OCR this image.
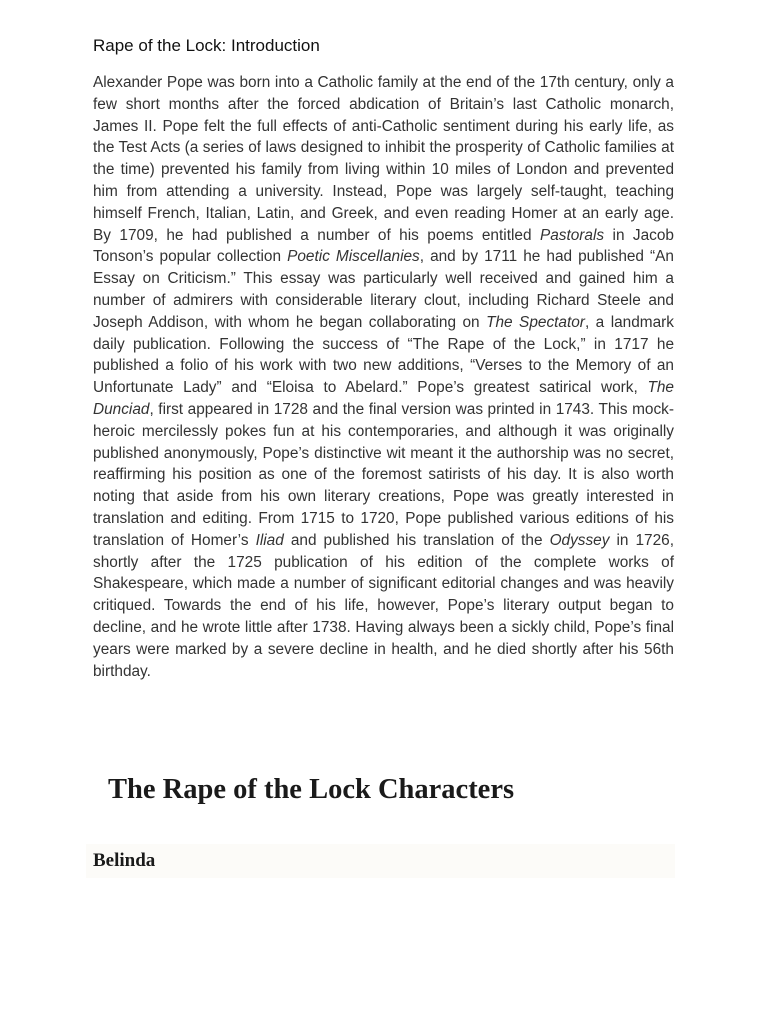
Rape of the Lock: Introduction

Alexander Pope was born into a Catholic family at the end of the 17th century, only a few short months after the forced abdication of Britain’s last Catholic monarch, James II. Pope felt the full effects of anti-Catholic sentiment during his early life, as the Test Acts (a series of laws designed to inhibit the prosperity of Catholic families at the time) prevented his family from living within 10 miles of London and prevented him from attending a university. Instead, Pope was largely self-taught, teaching himself French, Italian, Latin, and Greek, and even reading Homer at an early age. By 1709, he had published a number of his poems entitled Pastorals in Jacob Tonson’s popular collection Poetic Miscellanies, and by 1711 he had published “An Essay on Criticism.” This essay was particularly well received and gained him a number of admirers with considerable literary clout, including Richard Steele and Joseph Addison, with whom he began collaborating on The Spectator, a landmark daily publication. Following the success of “The Rape of the Lock,” in 1717 he published a folio of his work with two new additions, “Verses to the Memory of an Unfortunate Lady” and “Eloisa to Abelard.” Pope’s greatest satirical work, The Dunciad, first appeared in 1728 and the final version was printed in 1743. This mock-heroic mercilessly pokes fun at his contemporaries, and although it was originally published anonymously, Pope’s distinctive wit meant it the authorship was no secret, reaffirming his position as one of the foremost satirists of his day. It is also worth noting that aside from his own literary creations, Pope was greatly interested in translation and editing. From 1715 to 1720, Pope published various editions of his translation of Homer’s Iliad and published his translation of the Odyssey in 1726, shortly after the 1725 publication of his edition of the complete works of Shakespeare, which made a number of significant editorial changes and was heavily critiqued. Towards the end of his life, however, Pope’s literary output began to decline, and he wrote little after 1738. Having always been a sickly child, Pope’s final years were marked by a severe decline in health, and he died shortly after his 56th birthday.

The Rape of the Lock Characters
Belinda
